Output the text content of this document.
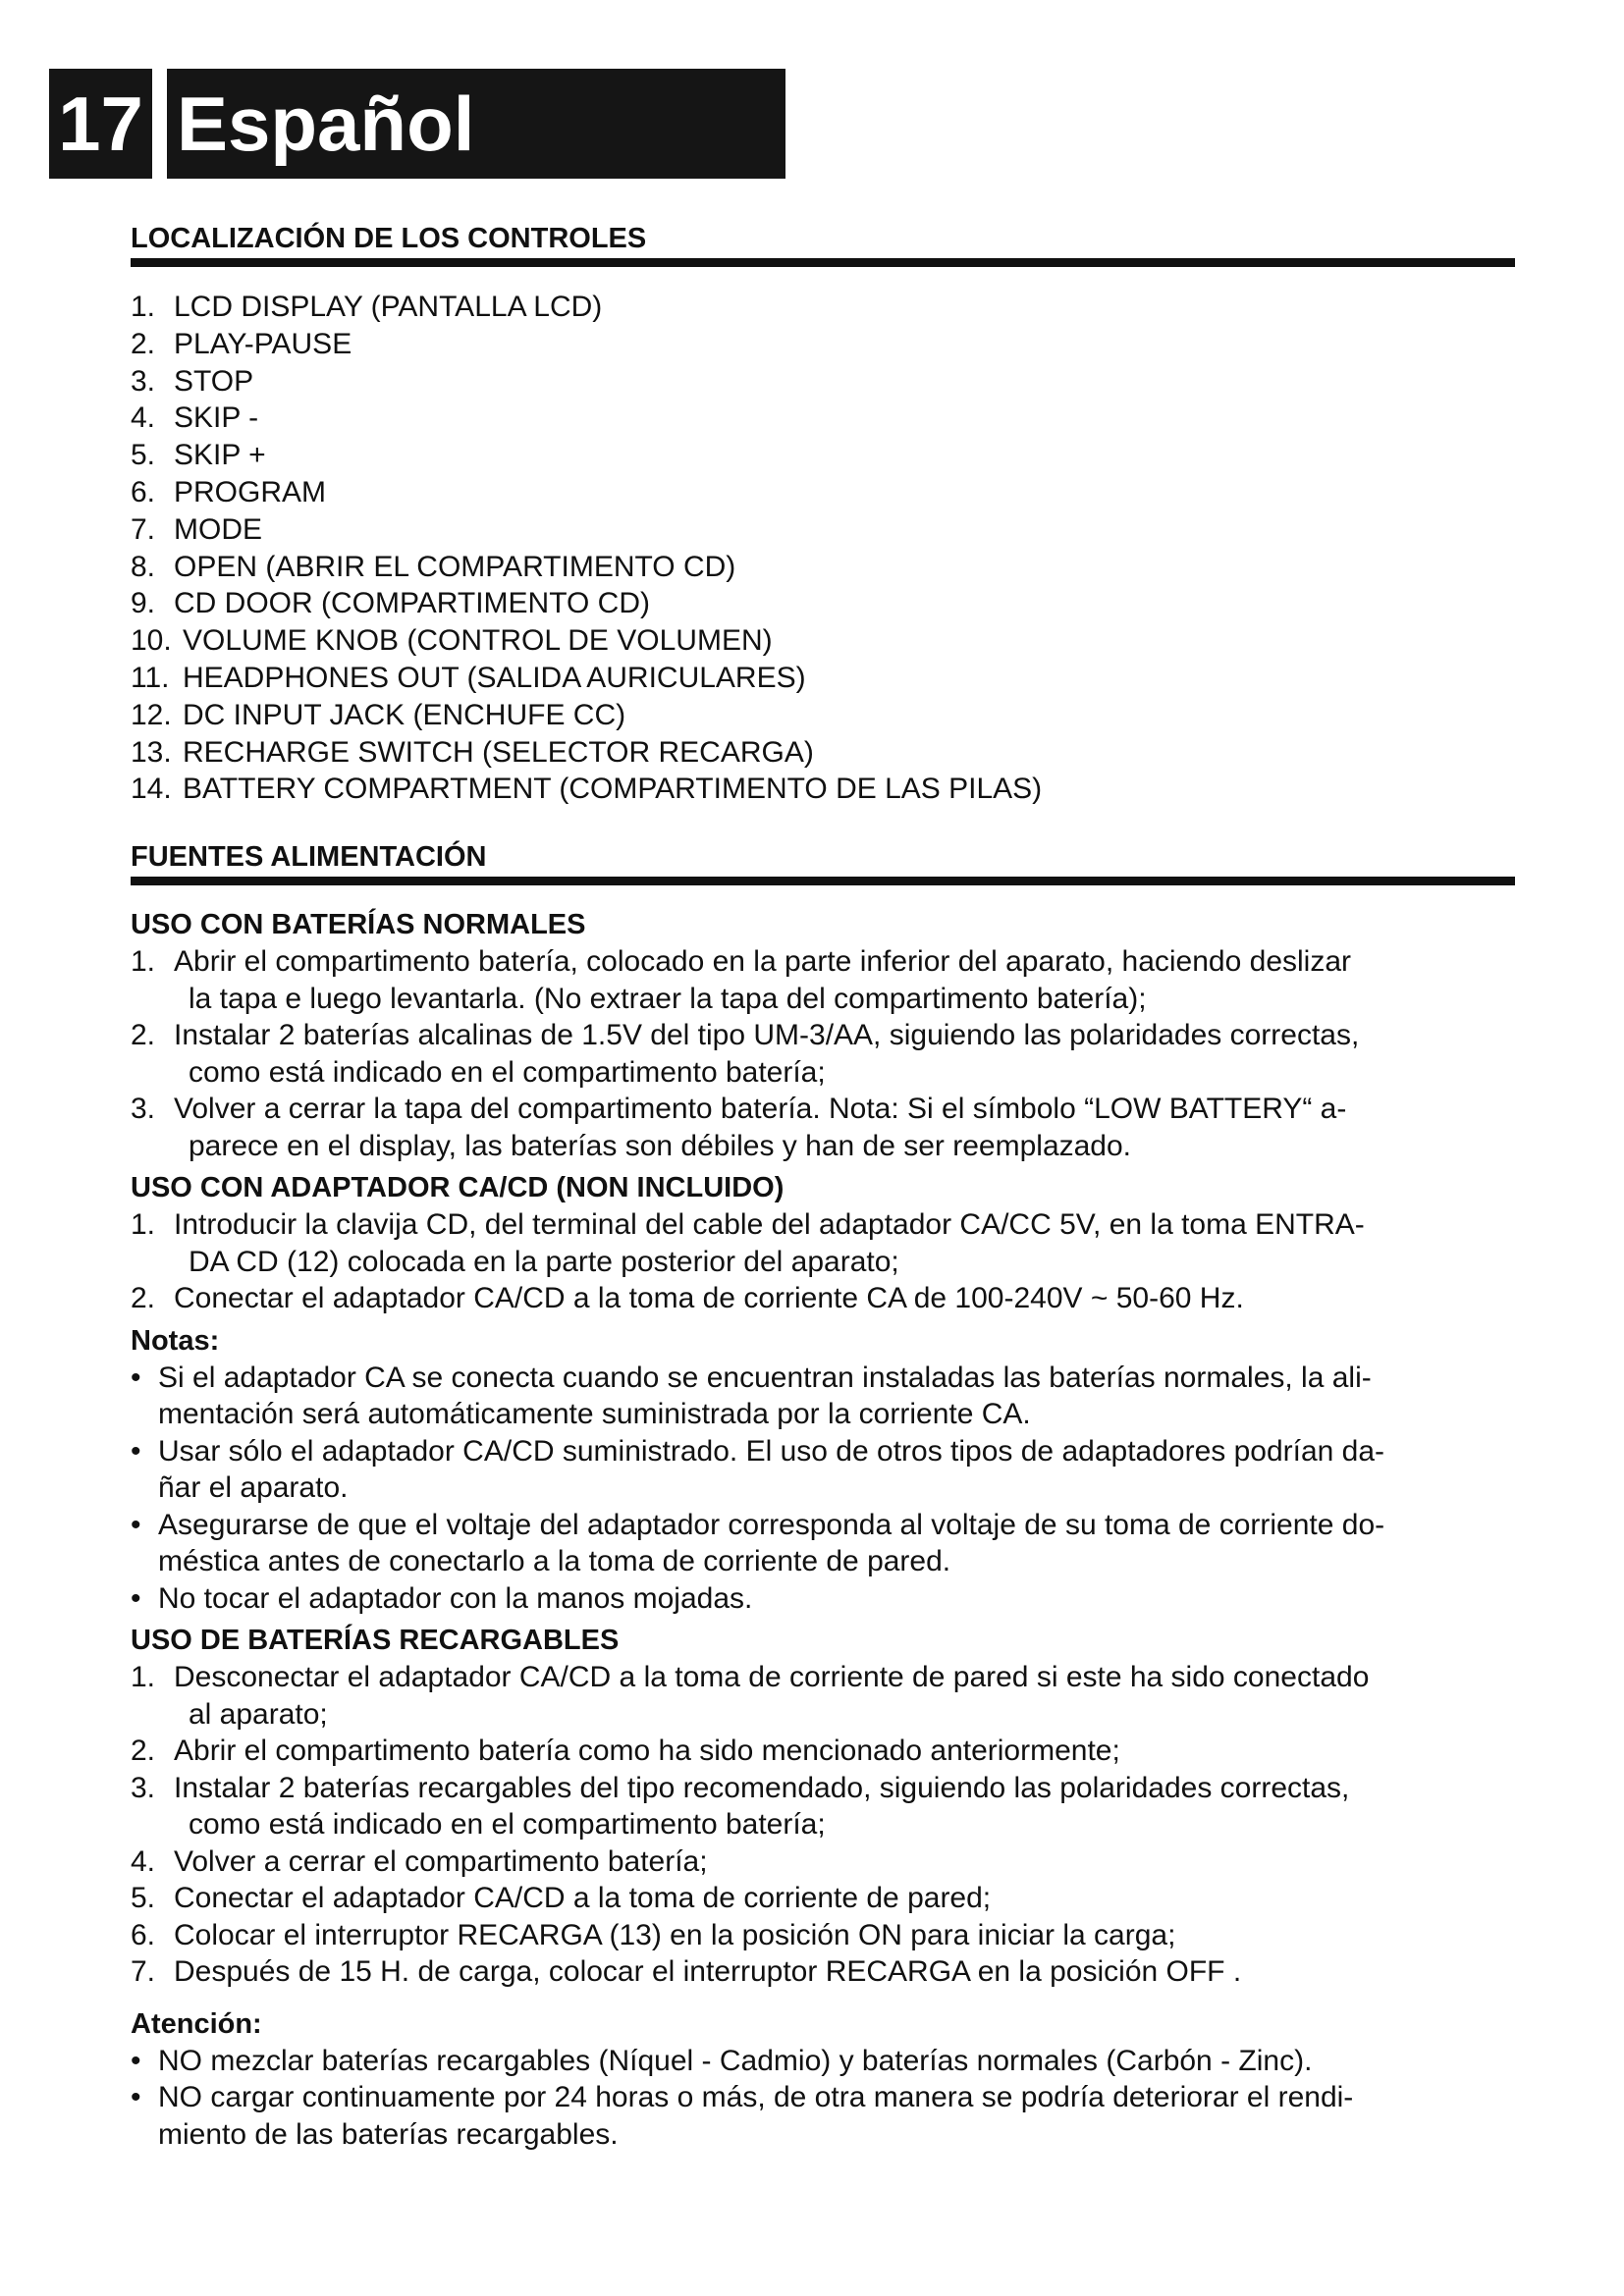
17 Español
LOCALIZACIÓN DE LOS CONTROLES
1. LCD DISPLAY (PANTALLA LCD)
2. PLAY-PAUSE
3. STOP
4. SKIP -
5. SKIP +
6. PROGRAM
7. MODE
8. OPEN (ABRIR EL COMPARTIMENTO CD)
9. CD DOOR (COMPARTIMENTO CD)
10. VOLUME KNOB (CONTROL DE VOLUMEN)
11. HEADPHONES OUT (SALIDA AURICULARES)
12. DC INPUT JACK (ENCHUFE CC)
13. RECHARGE SWITCH (SELECTOR RECARGA)
14. BATTERY COMPARTMENT (COMPARTIMENTO DE LAS PILAS)
FUENTES ALIMENTACIÓN
USO CON BATERÍAS NORMALES
1. Abrir el compartimento batería, colocado en la parte inferior del aparato, haciendo deslizar
la tapa e luego levantarla. (No extraer la tapa del compartimento batería);
2. Instalar 2 baterías alcalinas de 1.5V del tipo UM-3/AA, siguiendo las polaridades correctas,
como está indicado en el compartimento batería;
3. Volver a cerrar la tapa del compartimento batería. Nota: Si el símbolo “LOW BATTERY“ a-
parece en el display, las baterías son débiles y han de ser reemplazado.
USO CON ADAPTADOR CA/CD (NON INCLUIDO)
1. Introducir la clavija CD, del terminal del cable del adaptador CA/CC 5V, en la toma ENTRA-
DA CD (12) colocada en la parte posterior del aparato;
2. Conectar el adaptador CA/CD a la toma de corriente CA de 100-240V ~ 50-60 Hz.
Notas:
• Si el adaptador CA se conecta cuando se encuentran instaladas las baterías normales, la ali-
mentación será automáticamente suministrada por la corriente CA.
• Usar sólo el adaptador CA/CD suministrado. El uso de otros tipos de adaptadores podrían da-
ñar el aparato.
• Asegurarse de que el voltaje del adaptador corresponda al voltaje de su toma de corriente do-
méstica antes de conectarlo a la toma de corriente de pared.
• No tocar el adaptador con la manos mojadas.
USO DE BATERÍAS RECARGABLES
1. Desconectar el adaptador CA/CD a la toma de corriente de pared si este ha sido conectado
al aparato;
2. Abrir el compartimento batería como ha sido mencionado anteriormente;
3. Instalar 2 baterías recargables del tipo recomendado, siguiendo las polaridades correctas,
como está indicado en el compartimento batería;
4. Volver a cerrar el compartimento batería;
5. Conectar el adaptador CA/CD a la toma de corriente de pared;
6. Colocar el interruptor RECARGA (13) en la posición ON para iniciar la carga;
7. Después de 15 H. de carga, colocar el interruptor RECARGA en la posición OFF .
Atención:
• NO mezclar baterías recargables (Níquel - Cadmio) y baterías normales (Carbón - Zinc).
• NO cargar continuamente por 24 horas o más, de otra manera se podría deteriorar el rendi-
miento de las baterías recargables.
